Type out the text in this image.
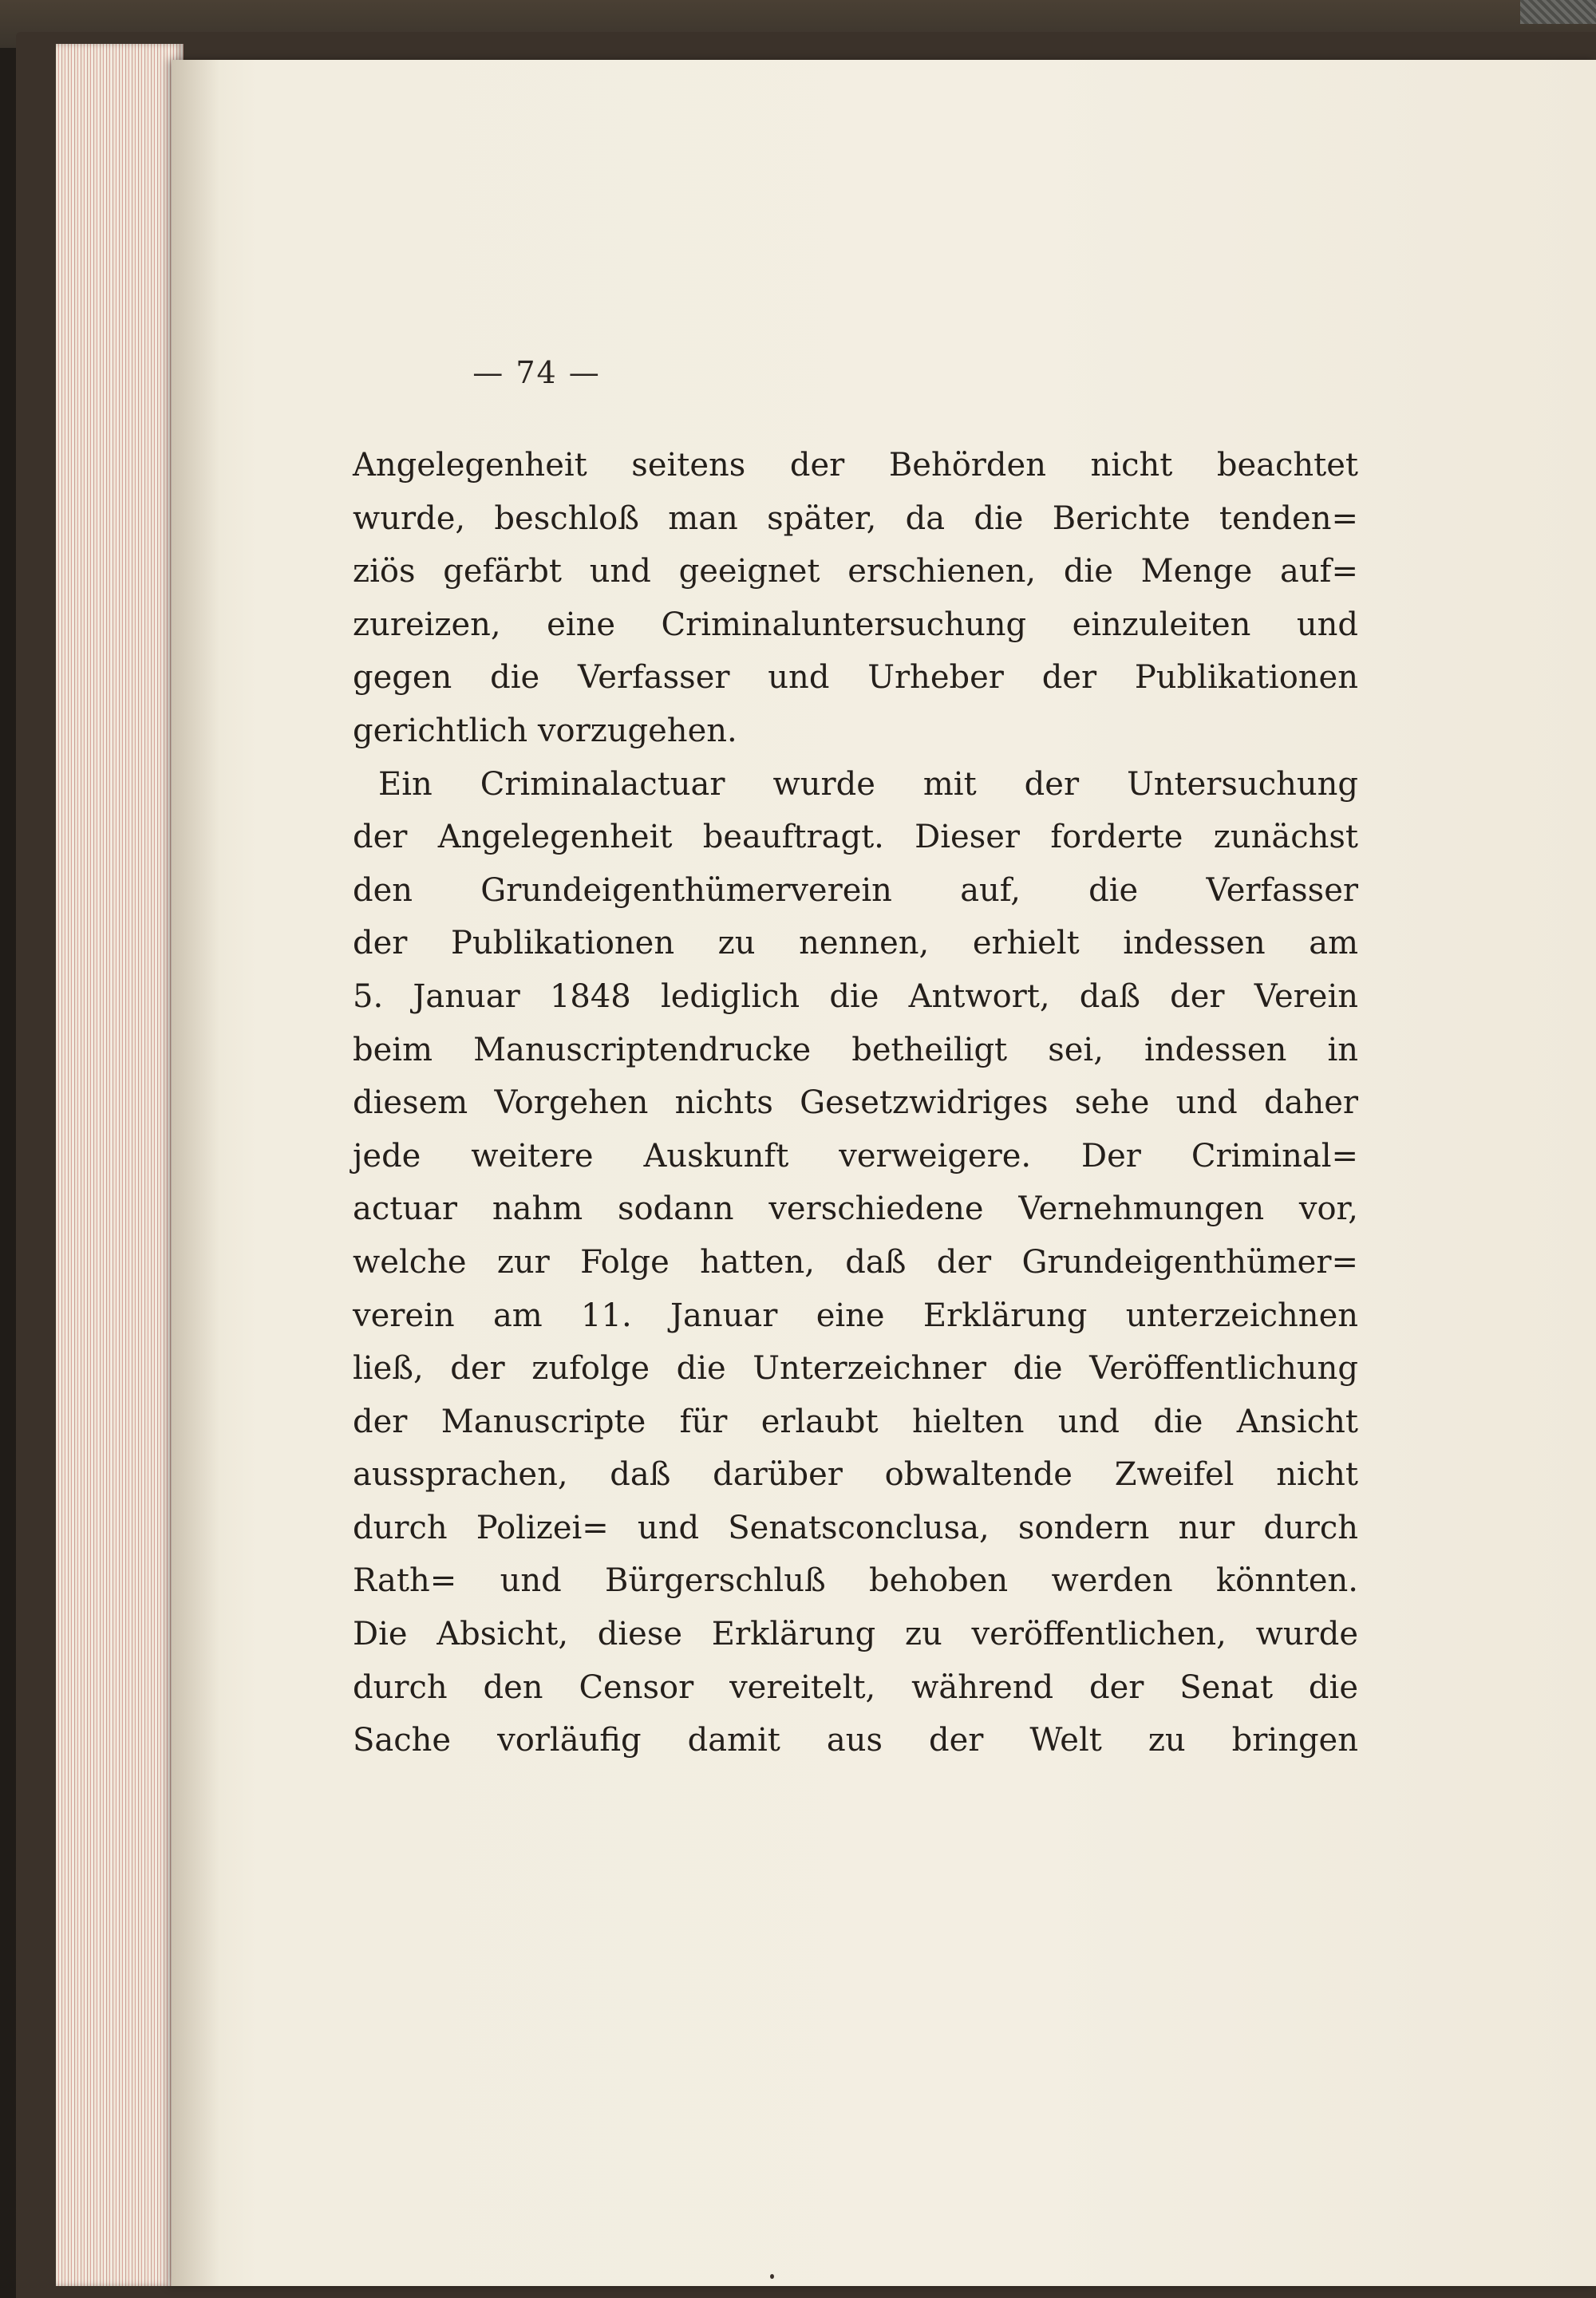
— 74 —
Angelegenheit seitens der Behörden nicht beachtet
wurde, beschloß man später, da die Berichte tenden=
ziös gefärbt und geeignet erschienen, die Menge auf=
zureizen, eine Criminaluntersuchung einzuleiten und
gegen die Verfasser und Urheber der Publikationen
gerichtlich vorzugehen.
Ein Criminalactuar wurde mit der Untersuchung
der Angelegenheit beauftragt. Dieser forderte zunächst
den Grundeigenthümerverein auf, die Verfasser
der Publikationen zu nennen, erhielt indessen am
5. Januar 1848 lediglich die Antwort, daß der Verein
beim Manuscriptendrucke betheiligt sei, indessen in
diesem Vorgehen nichts Gesetzwidriges sehe und daher
jede weitere Auskunft verweigere. Der Criminal=
actuar nahm sodann verschiedene Vernehmungen vor,
welche zur Folge hatten, daß der Grundeigenthümer=
verein am 11. Januar eine Erklärung unterzeichnen
ließ, der zufolge die Unterzeichner die Veröffentlichung
der Manuscripte für erlaubt hielten und die Ansicht
aussprachen, daß darüber obwaltende Zweifel nicht
durch Polizei= und Senatsconclusa, sondern nur durch
Rath= und Bürgerschluß behoben werden könnten.
Die Absicht, diese Erklärung zu veröffentlichen, wurde
durch den Censor vereitelt, während der Senat die
Sache vorläufig damit aus der Welt zu bringen
